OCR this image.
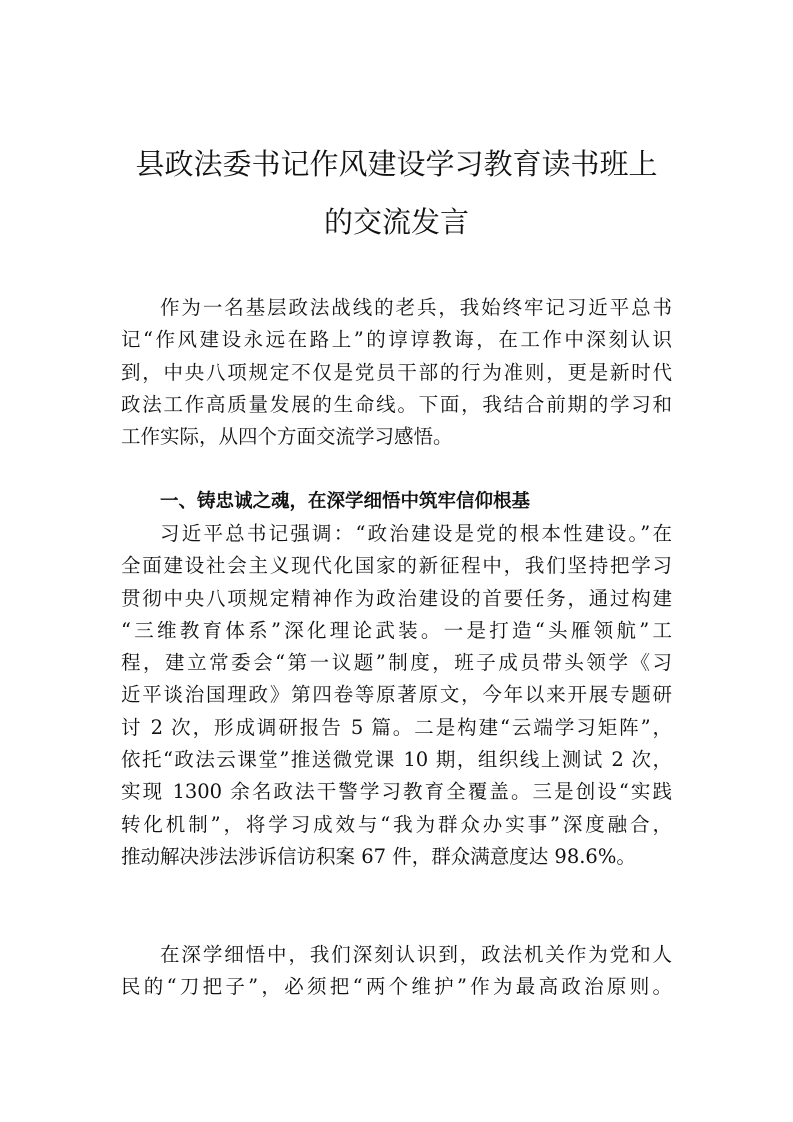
县政法委书记作风建设学习教育读书班上
的交流发言
作为一名基层政法战线的老兵，我始终牢记习近平总书
记“作风建设永远在路上”的谆谆教诲，在工作中深刻认识
到，中央八项规定不仅是党员干部的行为准则，更是新时代
政法工作高质量发展的生命线。下面，我结合前期的学习和
工作实际，从四个方面交流学习感悟。
一、铸忠诚之魂，在深学细悟中筑牢信仰根基
习近平总书记强调：“政治建设是党的根本性建设。”在
全面建设社会主义现代化国家的新征程中，我们坚持把学习
贯彻中央八项规定精神作为政治建设的首要任务，通过构建
“三维教育体系”深化理论武装。一是打造“头雁领航”工
程，建立常委会“第一议题”制度，班子成员带头领学《习
近平谈治国理政》第四卷等原著原文，今年以来开展专题研
讨 2 次，形成调研报告 5 篇。二是构建“云端学习矩阵”，
依托“政法云课堂”推送微党课 10 期，组织线上测试 2 次，
实现 1300 余名政法干警学习教育全覆盖。三是创设“实践
转化机制”，将学习成效与“我为群众办实事”深度融合，
推动解决涉法涉诉信访积案 67 件，群众满意度达 98.6%。
在深学细悟中，我们深刻认识到，政法机关作为党和人
民的“刀把子”，必须把“两个维护”作为最高政治原则。
